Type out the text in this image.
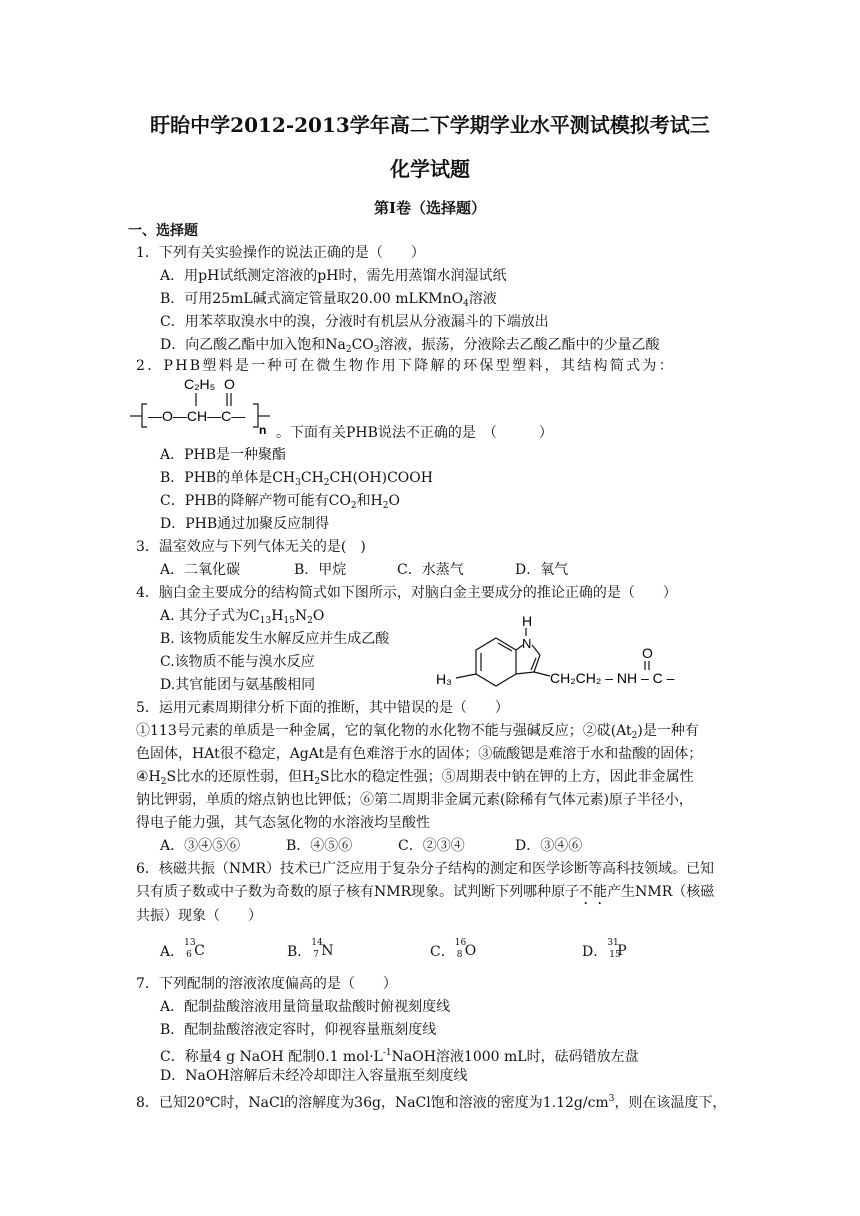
盱眙中学2012-2013学年高二下学期学业水平测试模拟考试三
化学试题
第Ⅰ卷（选择题）
一、选择题
1．下列有关实验操作的说法正确的是（　　）
A．用pH试纸测定溶液的pH时，需先用蒸馏水润湿试纸
B．可用25mL碱式滴定管量取20.00 mLKMnO$_4$溶液
C．用苯萃取溴水中的溴，分液时有机层从分液漏斗的下端放出
D．向乙酸乙酯中加入饱和$Na_2CO_3$溶液，振荡，分液除去乙酸乙酯中的少量乙酸
2．PHB塑料是一种可在微生物作用下降解的环保型塑料，其结构简式为：
C₂H₅ O
—O—CH—C—
n 。下面有关PHB说法不正确的是　（　　　）
A．PHB是一种聚酯
B．PHB的单体是$CH_3CH_2CH(OH)COOH$
C．PHB的降解产物可能有$CO_2$和$H_2O$
D．PHB通过加聚反应制得
3．温室效应与下列气体无关的是(　)
A．二氧化碳	B．甲烷	C．水蒸气	D．氧气
4．脑白金主要成分的结构简式如下图所示，对脑白金主要成分的推论正确的是（　　）
A. 其分子式为$C_{13}H_{15}N_2O$
B. 该物质能发生水解反应并生成乙酸
C.该物质不能与溴水反应
D.其官能团与氨基酸相同
H
N
H₃	CH₂CH₂ – NH – C –
O
5．运用元素周期律分析下面的推断，其中错误的是（　　）
①113号元素的单质是一种金属，它的氧化物的水化物不能与强碱反应；②砹$(At_2)$是一种有
色固体，HAt很不稳定，AgAt是有色难溶于水的固体；③硫酸锶是难溶于水和盐酸的固体；
$④H_2S$比水的还原性弱，但$H_2S$比水的稳定性强；⑤周期表中钠在钾的上方，因此非金属性
钠比钾弱，单质的熔点钠也比钾低；⑥第二周期非金属元素(除稀有气体元素)原子半径小，
得电子能力强，其气态氢化物的水溶液均呈酸性
A．③④⑤⑥	B．④⑤⑥	C．②③④	D．③④⑥
6．核磁共振（NMR）技术已广泛应用于复杂分子结构的测定和医学诊断等高科技领域。已知
只有质子数或中子数为奇数的原子核有NMR现象。试判断下列哪种原子不能产生NMR（核磁
共振）现象（　　）
A．
13
6 C	B．
14
7 N	C．
16
8 O	D．
31
15
P
7．下列配制的溶液浓度偏高的是（　　）
A．配制盐酸溶液用量筒量取盐酸时俯视刻度线
B．配制盐酸溶液定容时，仰视容量瓶刻度线
C．称量4 g NaOH 配制0.1 $mol\cdot L^{-1}NaOH$溶液1000 mL时，砝码错放左盘
D．NaOH溶解后未经冷却即注入容量瓶至刻度线
8．已知20℃时，NaCl的溶解度为36g，NaCl饱和溶液的密度为$1.12g/cm^3$，则在该温度下，
